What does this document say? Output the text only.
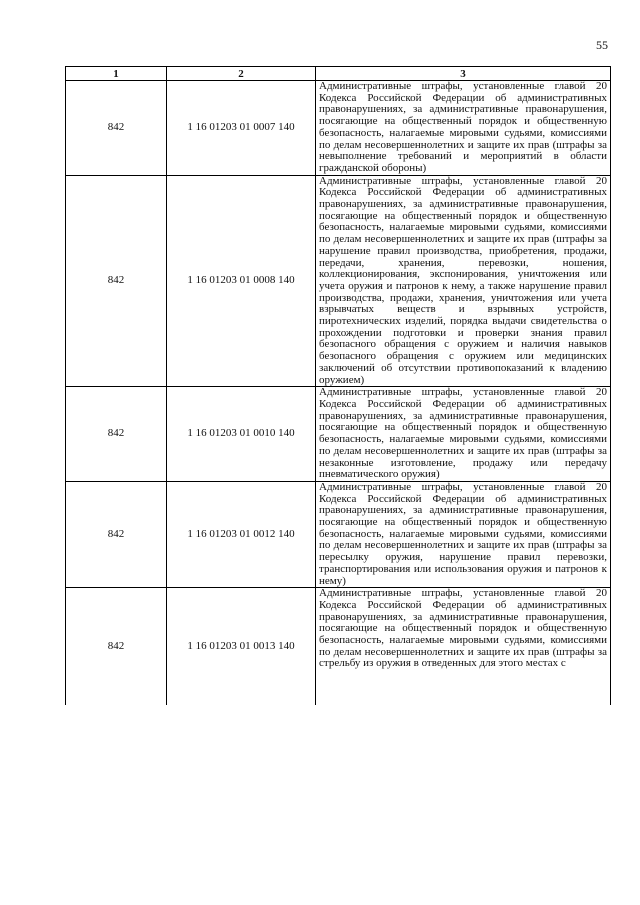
55
1	2	3
842	1 16 01203 01 0007 140	Административные штрафы, установленные главой 20 Кодекса Российской Федерации об административных правонарушениях, за административные правонарушения, посягающие на общественный порядок и общественную безопасность, налагаемые мировыми судьями, комиссиями по делам несовершеннолетних и защите их прав (штрафы за невыполнение требований и мероприятий в области гражданской обороны)
842	1 16 01203 01 0008 140	Административные штрафы, установленные главой 20 Кодекса Российской Федерации об административных правонарушениях, за административные правонарушения, посягающие на общественный порядок и общественную безопасность, налагаемые мировыми судьями, комиссиями по делам несовершеннолетних и защите их прав (штрафы за нарушение правил производства, приобретения, продажи, передачи, хранения, перевозки, ношения, коллекционирования, экспонирования, уничтожения или учета оружия и патронов к нему, а также нарушение правил производства, продажи, хранения, уничтожения или учета взрывчатых веществ и взрывных устройств, пиротехнических изделий, порядка выдачи свидетельства о прохождении подготовки и проверки знания правил безопасного обращения с оружием и наличия навыков безопасного обращения с оружием или медицинских заключений об отсутствии противопоказаний к владению оружием)
842	1 16 01203 01 0010 140	Административные штрафы, установленные главой 20 Кодекса Российской Федерации об административных правонарушениях, за административные правонарушения, посягающие на общественный порядок и общественную безопасность, налагаемые мировыми судьями, комиссиями по делам несовершеннолетних и защите их прав (штрафы за незаконные изготовление, продажу или передачу пневматического оружия)
842	1 16 01203 01 0012 140	Административные штрафы, установленные главой 20 Кодекса Российской Федерации об административных правонарушениях, за административные правонарушения, посягающие на общественный порядок и общественную безопасность, налагаемые мировыми судьями, комиссиями по делам несовершеннолетних и защите их прав (штрафы за пересылку оружия, нарушение правил перевозки, транспортирования или использования оружия и патронов к нему)
842	1 16 01203 01 0013 140	Административные штрафы, установленные главой 20 Кодекса Российской Федерации об административных правонарушениях, за административные правонарушения, посягающие на общественный порядок и общественную безопасность, налагаемые мировыми судьями, комиссиями по делам несовершеннолетних и защите их прав (штрафы за стрельбу из оружия в отведенных для этого местах с
